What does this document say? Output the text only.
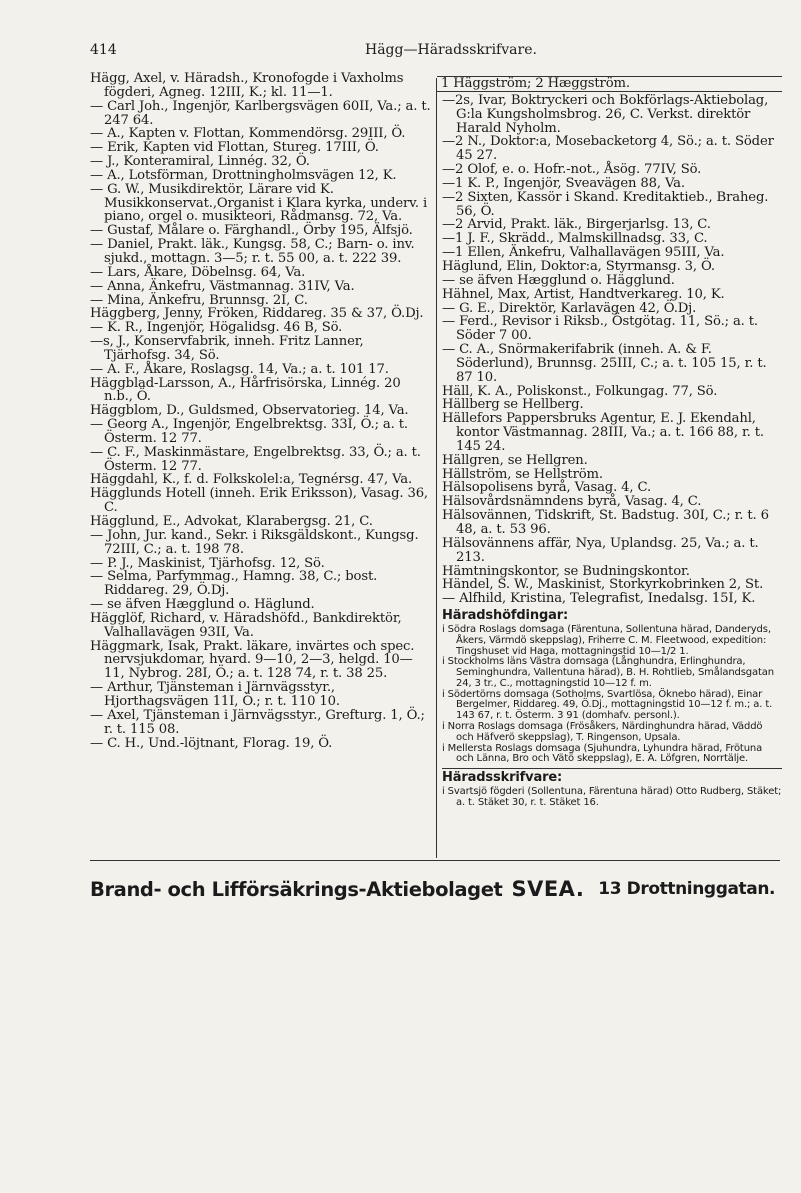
414	Hägg—Häradsskrifvare.

Hägg, Axel, v. Häradsh., Kronofogde i Vaxholms fögderi, Agneg. 12III, K.; kl. 11—1.

— Carl Joh., Ingenjör, Karlbergsvägen 60II, Va.; a. t. 247 64.

— A., Kapten v. Flottan, Kommendörsg. 29III, Ö.

— Erik, Kapten vid Flottan, Stureg. 17III, Ö.

— J., Konteramiral, Linnég. 32, Ö.

— A., Lotsförman, Drottningholmsvägen 12, K.

— G. W., Musikdirektör, Lärare vid K. Musikkonservat.,Organist i Klara kyrka, underv. i piano, orgel o. musikteori, Rådmansg. 72, Va.

— Gustaf, Målare o. Färghandl., Örby 195, Älfsjö.

— Daniel, Prakt. läk., Kungsg. 58, C.; Barn- o. inv. sjukd., mottagn. 3—5; r. t. 55 00, a. t. 222 39.

— Lars, Åkare, Döbelnsg. 64, Va.

— Anna, Änkefru, Västmannag. 31IV, Va.

— Mina, Änkefru, Brunnsg. 2I, C.

Häggberg, Jenny, Fröken, Riddareg. 35 & 37, Ö.Dj.

— K. R., Ingenjör, Högalidsg. 46 B, Sö.

—s, J., Konservfabrik, inneh. Fritz Lanner, Tjärhofsg. 34, Sö.

— A. F., Åkare, Roslagsg. 14, Va.; a. t. 101 17.

Häggblad-Larsson, A., Hårfrisörska, Linnég. 20 n.b., Ö.

Häggblom, D., Guldsmed, Observatorieg. 14, Va.

— Georg A., Ingenjör, Engelbrektsg. 33I, Ö.; a. t. Österm. 12 77.

— C. F., Maskinmästare, Engelbrektsg. 33, Ö.; a. t. Österm. 12 77.

Häggdahl, K., f. d. Folkskolel:a, Tegnérsg. 47, Va.

Hägglunds Hotell (inneh. Erik Eriksson), Vasag. 36, C.

Hägglund, E., Advokat, Klarabergsg. 21, C.

— John, Jur. kand., Sekr. i Riksgäldskont., Kungsg. 72III, C.; a. t. 198 78.

— P. J., Maskinist, Tjärhofsg. 12, Sö.

— Selma, Parfymmag., Hamng. 38, C.; bost. Riddareg. 29, Ö.Dj.

— se äfven Hægglund o. Häglund.

Hägglöf, Richard, v. Häradshöfd., Bankdirektör, Valhallavägen 93II, Va.

Häggmark, Isak, Prakt. läkare, invärtes och spec. nervsjukdomar, hvard. 9—10, 2—3, helgd. 10—11, Nybrog. 28I, Ö.; a. t. 128 74, r. t. 38 25.

— Arthur, Tjänsteman i Järnvägsstyr., Hjorthagsvägen 11I, Ö.; r. t. 110 10.

— Axel, Tjänsteman i Järnvägsstyr., Grefturg. 1, Ö.; r. t. 115 08.

— C. H., Und.-löjtnant, Florag. 19, Ö.

1 Häggström; 2 Hæggström.

—2s, Ivar, Boktryckeri och Bokförlags-Aktiebolag, G:la Kungsholmsbrog. 26, C. Verkst. direktör Harald Nyholm.

—2 N., Doktor:a, Mosebacketorg 4, Sö.; a. t. Söder 45 27.

—2 Olof, e. o. Hofr.-not., Åsög. 77IV, Sö.

—1 K. P., Ingenjör, Sveavägen 88, Va.

—2 Sixten, Kassör i Skand. Kreditaktieb., Braheg. 56, Ö.

—2 Arvid, Prakt. läk., Birgerjarlsg. 13, C.

—1 J. F., Skrädd., Malmskillnadsg. 33, C.

—1 Ellen, Änkefru, Valhallavägen 95III, Va.

Häglund, Elin, Doktor:a, Styrmansg. 3, Ö.

— se äfven Hægglund o. Hägglund.

Hähnel, Max, Artist, Handtverkareg. 10, K.

— G. E., Direktör, Karlavägen 42, Ö.Dj.

— Ferd., Revisor i Riksb., Östgötag. 11, Sö.; a. t. Söder 7 00.

— C. A., Snörmakerifabrik (inneh. A. & F. Söderlund), Brunnsg. 25III, C.; a. t. 105 15, r. t. 87 10.

Häll, K. A., Poliskonst., Folkungag. 77, Sö.

Hällberg se Hellberg.

Hällefors Pappersbruks Agentur, E. J. Ekendahl, kontor Västmannag. 28III, Va.; a. t. 166 88, r. t. 145 24.

Hällgren, se Hellgren.

Hällström, se Hellström.

Hälsopolisens byrå, Vasag. 4, C.

Hälsovårdsnämndens byrå, Vasag. 4, C.

Hälsovännen, Tidskrift, St. Badstug. 30I, C.; r. t. 6 48, a. t. 53 96.

Hälsovännens affär, Nya, Uplandsg. 25, Va.; a. t. 213.

Hämtningskontor, se Budningskontor.

Händel, S. W., Maskinist, Storkyrkobrinken 2, St.

— Alfhild, Kristina, Telegrafist, Inedalsg. 15I, K.

Häradshöfdingar:

i Södra Roslags domsaga (Färentuna, Sollentuna härad, Danderyds, Åkers, Värmdö skeppslag), Friherre C. M. Fleetwood, expedition: Tingshuset vid Haga, mottagningstid 10—1/2 1.

i Stockholms läns Västra domsaga (Långhundra, Erlinghundra, Seminghundra, Vallentuna härad), B. H. Rohtlieb, Smålandsgatan 24, 3 tr., C., mottagningstid 10—12 f. m.

i Södertörns domsaga (Sotholms, Svartlösa, Öknebo härad), Einar Bergelmer, Riddareg. 49, Ö.Dj., mottagningstid 10—12 f. m.; a. t. 143 67, r. t. Österm. 3 91 (domhafv. personl.).

i Norra Roslags domsaga (Frösåkers, Närdinghundra härad, Väddö och Häfverö skeppslag), T. Ringenson, Upsala.

i Mellersta Roslags domsaga (Sjuhundra, Lyhundra härad, Frötuna och Länna, Bro och Vätö skeppslag), E. A. Löfgren, Norrtälje.

Häradsskrifvare:

i Svartsjö fögderi (Sollentuna, Färentuna härad) Otto Rudberg, Stäket; a. t. Stäket 30, r. t. Stäket 16.

Brand- och Lifförsäkrings-Aktiebolaget SVEA. 13 Drottninggatan.
